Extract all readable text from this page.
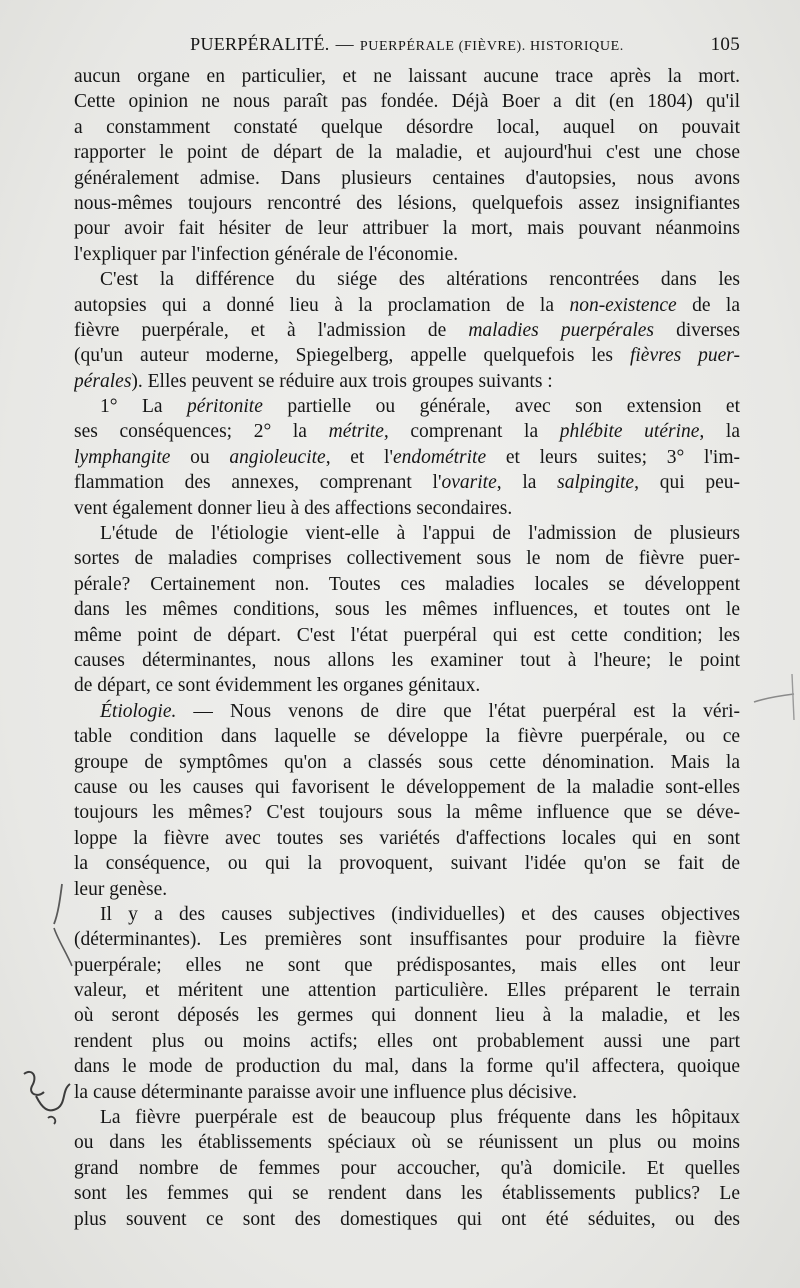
PUERPÉRALITÉ. — PUERPÉRALE (FIÈVRE). HISTORIQUE.	105
aucun organe en particulier, et ne laissant aucune trace après la mort.
Cette opinion ne nous paraît pas fondée. Déjà Boer a dit (en 1804) qu'il
a constamment constaté quelque désordre local, auquel on pouvait
rapporter le point de départ de la maladie, et aujourd'hui c'est une chose
généralement admise. Dans plusieurs centaines d'autopsies, nous avons
nous-mêmes toujours rencontré des lésions, quelquefois assez insignifiantes
pour avoir fait hésiter de leur attribuer la mort, mais pouvant néanmoins
l'expliquer par l'infection générale de l'économie.
C'est la différence du siége des altérations rencontrées dans les
autopsies qui a donné lieu à la proclamation de la non-existence de la
fièvre puerpérale, et à l'admission de maladies puerpérales diverses
(qu'un auteur moderne, Spiegelberg, appelle quelquefois les fièvres puer-
pérales). Elles peuvent se réduire aux trois groupes suivants :
1° La péritonite partielle ou générale, avec son extension et
ses conséquences; 2° la métrite, comprenant la phlébite utérine, la
lymphangite ou angioleucite, et l'endométrite et leurs suites; 3° l'im-
flammation des annexes, comprenant l'ovarite, la salpingite, qui peu-
vent également donner lieu à des affections secondaires.
L'étude de l'étiologie vient-elle à l'appui de l'admission de plusieurs
sortes de maladies comprises collectivement sous le nom de fièvre puer-
pérale? Certainement non. Toutes ces maladies locales se développent
dans les mêmes conditions, sous les mêmes influences, et toutes ont le
même point de départ. C'est l'état puerpéral qui est cette condition; les
causes déterminantes, nous allons les examiner tout à l'heure; le point
de départ, ce sont évidemment les organes génitaux.
Étiologie. — Nous venons de dire que l'état puerpéral est la véri-
table condition dans laquelle se développe la fièvre puerpérale, ou ce
groupe de symptômes qu'on a classés sous cette dénomination. Mais la
cause ou les causes qui favorisent le développement de la maladie sont-elles
toujours les mêmes? C'est toujours sous la même influence que se déve-
loppe la fièvre avec toutes ses variétés d'affections locales qui en sont
la conséquence, ou qui la provoquent, suivant l'idée qu'on se fait de
leur genèse.
Il y a des causes subjectives (individuelles) et des causes objectives
(déterminantes). Les premières sont insuffisantes pour produire la fièvre
puerpérale; elles ne sont que prédisposantes, mais elles ont leur
valeur, et méritent une attention particulière. Elles préparent le terrain
où seront déposés les germes qui donnent lieu à la maladie, et les
rendent plus ou moins actifs; elles ont probablement aussi une part
dans le mode de production du mal, dans la forme qu'il affectera, quoique
la cause déterminante paraisse avoir une influence plus décisive.
La fièvre puerpérale est de beaucoup plus fréquente dans les hôpitaux
ou dans les établissements spéciaux où se réunissent un plus ou moins
grand nombre de femmes pour accoucher, qu'à domicile. Et quelles
sont les femmes qui se rendent dans les établissements publics? Le
plus souvent ce sont des domestiques qui ont été séduites, ou des
